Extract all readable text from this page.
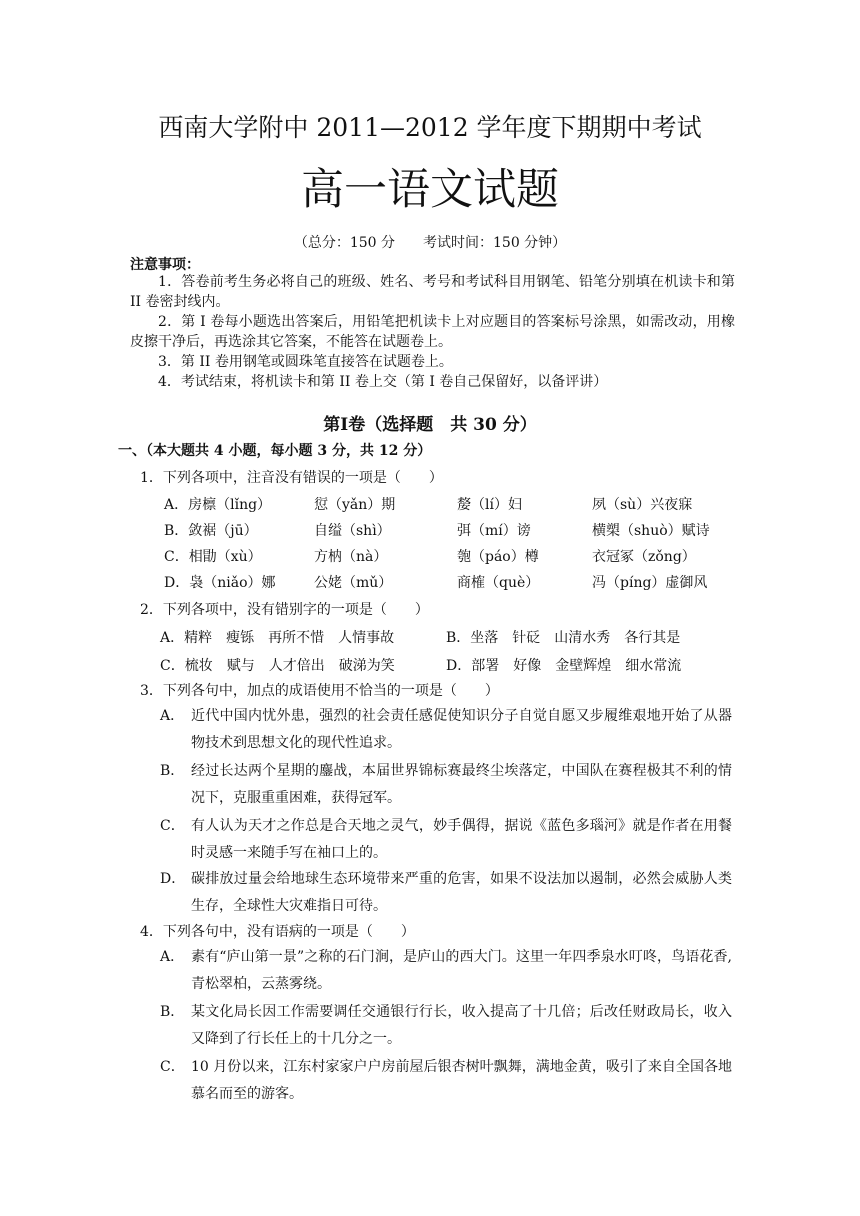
西南大学附中 2011—2012 学年度下期期中考试
高一语文试题
（总分：150 分　　考试时间：150 分钟）
注意事项：
1．答卷前考生务必将自己的班级、姓名、考号和考试科目用钢笔、铅笔分别填在机读卡和第 II 卷密封线内。
2．第 I 卷每小题选出答案后，用铅笔把机读卡上对应题目的答案标号涂黑，如需改动，用橡皮擦干净后，再选涂其它答案，不能答在试题卷上。
3．第 II 卷用钢笔或圆珠笔直接答在试题卷上。
4．考试结束，将机读卡和第 II 卷上交（第 I 卷自己保留好，以备评讲）
第Ⅰ卷（选择题　共 30 分）
一、（本大题共 4 小题，每小题 3 分，共 12 分）
1．下列各项中，注音没有错误的一项是（　　）
A．房檩（lǐng）	愆（yǎn）期	嫠（lí）妇	夙（sù）兴夜寐
B．敛裾（jū）	自缢（shì）	弭（mí）谤	横槊（shuò）赋诗
C．相勖（xù）	方枘（nà）	匏（páo）樽	衣冠冢（zǒng）
D．袅（niǎo）娜	公姥（mǔ）	商榷（què）	冯（píng）虚御风
2．下列各项中，没有错别字的一项是（　　）
A．精粹　瘦铄　再所不惜　人情事故	B．坐落　针砭　山清水秀　各行其是
C．梳妆　赋与　人才倍出　破涕为笑	D．部署　好像　金壁辉煌　细水常流
3．下列各句中，加点的成语使用不恰当的一项是（　　）
A． 近代中国内忧外患，强烈的社会责任感促使知识分子自觉自愿又步履维艰地开始了从器物技术到思想文化的现代性追求。
B． 经过长达两个星期的鏖战，本届世界锦标赛最终尘埃落定，中国队在赛程极其不利的情况下，克服重重困难，获得冠军。
C． 有人认为天才之作总是合天地之灵气，妙手偶得，据说《蓝色多瑙河》就是作者在用餐时灵感一来随手写在袖口上的。
D． 碳排放过量会给地球生态环境带来严重的危害，如果不设法加以遏制，必然会威胁人类生存，全球性大灾难指日可待。
4．下列各句中，没有语病的一项是（　　）
A． 素有“庐山第一景”之称的石门涧，是庐山的西大门。这里一年四季泉水叮咚，鸟语花香,青松翠柏，云蒸雾绕。
B． 某文化局长因工作需要调任交通银行行长，收入提高了十几倍；后改任财政局长，收入又降到了行长任上的十几分之一。
C． 10 月份以来，江东村家家户户房前屋后银杏树叶飘舞，满地金黄，吸引了来自全国各地慕名而至的游客。
